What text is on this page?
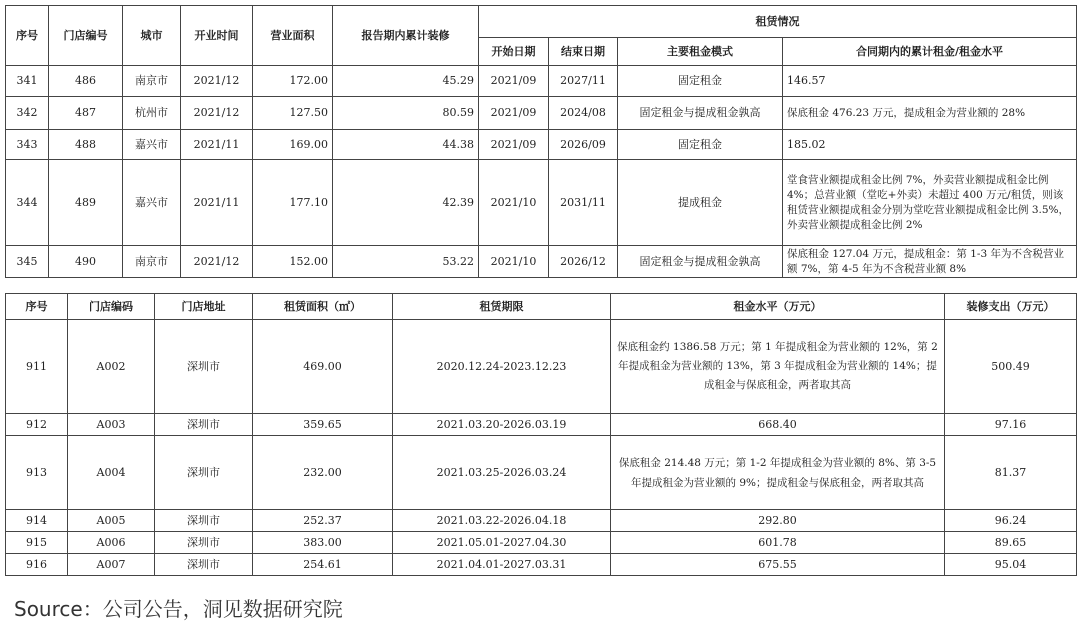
序号	门店编号	城市	开业时间	营业面积	报告期内累计装修	租赁情况			
						开始日期	结束日期	主要租金模式	合同期内的累计租金/租金水平
341	486	南京市	2021/12	172.00	45.29	2021/09	2027/11	固定租金	146.57
342	487	杭州市	2021/12	127.50	80.59	2021/09	2024/08	固定租金与提成租金孰高	保底租金 476.23 万元，提成租金为营业额的 28%
343	488	嘉兴市	2021/11	169.00	44.38	2021/09	2026/09	固定租金	185.02
344	489	嘉兴市	2021/11	177.10	42.39	2021/10	2031/11	提成租金	堂食营业额提成租金比例 7%，外卖营业额提成租金比例 4%；总营业额（堂吃+外卖）未超过 400 万元/租赁，则该租赁营业额提成租金分别为堂吃营业额提成租金比例 3.5%，外卖营业额提成租金比例 2%
345	490	南京市	2021/12	152.00	53.22	2021/10	2026/12	固定租金与提成租金孰高	保底租金 127.04 万元，提成租金：第 1-3 年为不含税营业额 7%，第 4-5 年为不含税营业额 8%
序号	门店编码	门店地址	租赁面积（㎡）	租赁期限	租金水平（万元）	装修支出（万元）
911	A002	深圳市	469.00	2020.12.24-2023.12.23	保底租金约 1386.58 万元；第 1 年提成租金为营业额的 12%，第 2 年提成租金为营业额的 13%，第 3 年提成租金为营业额的 14%；提成租金与保底租金，两者取其高	500.49
912	A003	深圳市	359.65	2021.03.20-2026.03.19	668.40	97.16
913	A004	深圳市	232.00	2021.03.25-2026.03.24	保底租金 214.48 万元；第 1-2 年提成租金为营业额的 8%、第 3-5 年提成租金为营业额的 9%；提成租金与保底租金，两者取其高	81.37
914	A005	深圳市	252.37	2021.03.22-2026.04.18	292.80	96.24
915	A006	深圳市	383.00	2021.05.01-2027.04.30	601.78	89.65
916	A007	深圳市	254.61	2021.04.01-2027.03.31	675.55	95.04
Source：公司公告，洞见数据研究院
